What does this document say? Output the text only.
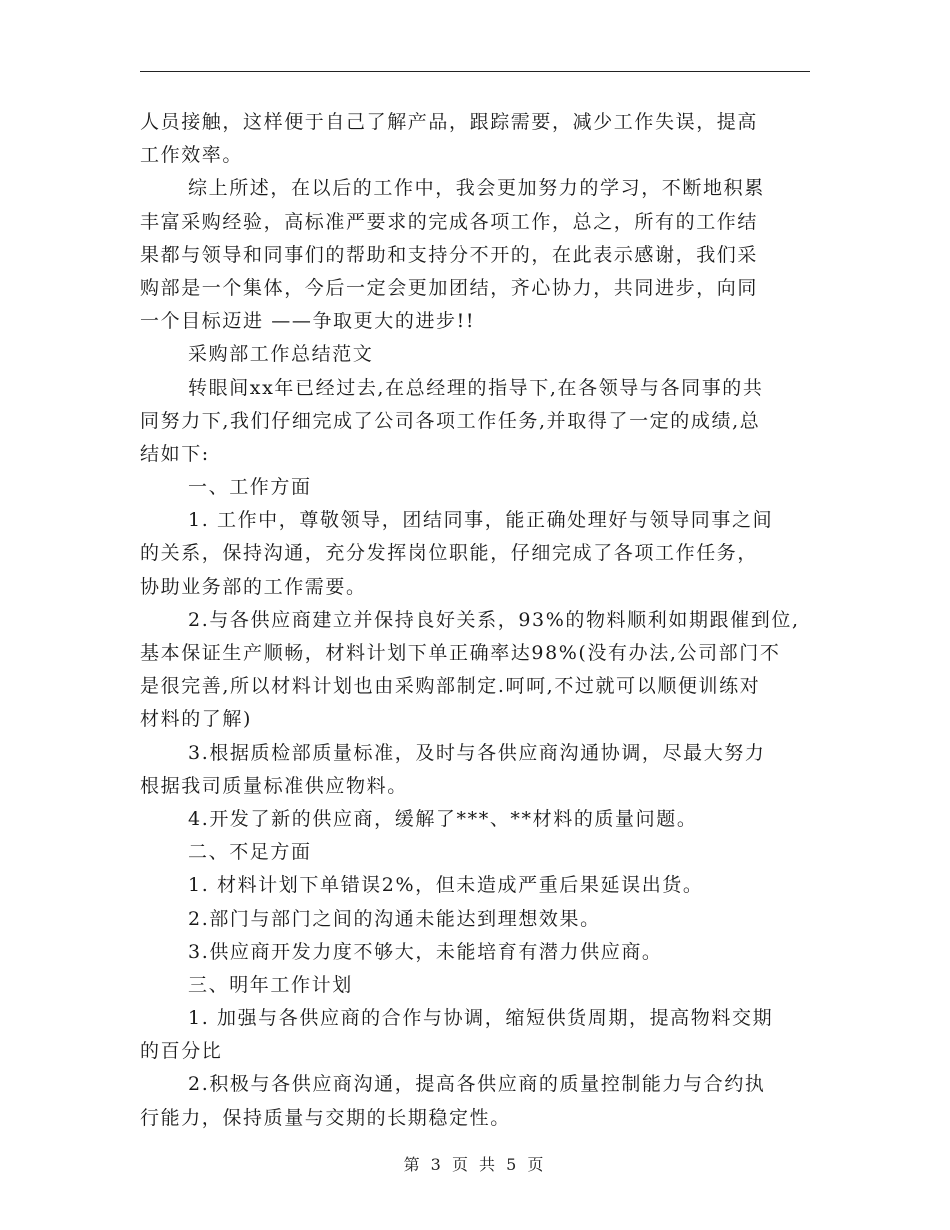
人员接触，这样便于自己了解产品，跟踪需要，减少工作失误，提高
工作效率。
综上所述，在以后的工作中，我会更加努力的学习，不断地积累
丰富采购经验，高标准严要求的完成各项工作，总之，所有的工作结
果都与领导和同事们的帮助和支持分不开的，在此表示感谢，我们采
购部是一个集体，今后一定会更加团结，齐心协力，共同进步，向同
一个目标迈进 ——争取更大的进步!!
采购部工作总结范文
转眼间xx年已经过去,在总经理的指导下,在各领导与各同事的共
同努力下,我们仔细完成了公司各项工作任务,并取得了一定的成绩,总
结如下:
一、工作方面
1. 工作中，尊敬领导，团结同事，能正确处理好与领导同事之间
的关系，保持沟通，充分发挥岗位职能，仔细完成了各项工作任务，
协助业务部的工作需要。
2.与各供应商建立并保持良好关系，93%的物料顺利如期跟催到位,
基本保证生产顺畅，材料计划下单正确率达98%(没有办法,公司部门不
是很完善,所以材料计划也由采购部制定.呵呵,不过就可以顺便训练对
材料的了解)
3.根据质检部质量标准，及时与各供应商沟通协调，尽最大努力
根据我司质量标准供应物料。
4.开发了新的供应商，缓解了***、**材料的质量问题。
二、不足方面
1. 材料计划下单错误2%，但未造成严重后果延误出货。
2.部门与部门之间的沟通未能达到理想效果。
3.供应商开发力度不够大，未能培育有潜力供应商。
三、明年工作计划
1. 加强与各供应商的合作与协调，缩短供货周期，提高物料交期
的百分比
2.积极与各供应商沟通，提高各供应商的质量控制能力与合约执
行能力，保持质量与交期的长期稳定性。
第 3 页 共 5 页
